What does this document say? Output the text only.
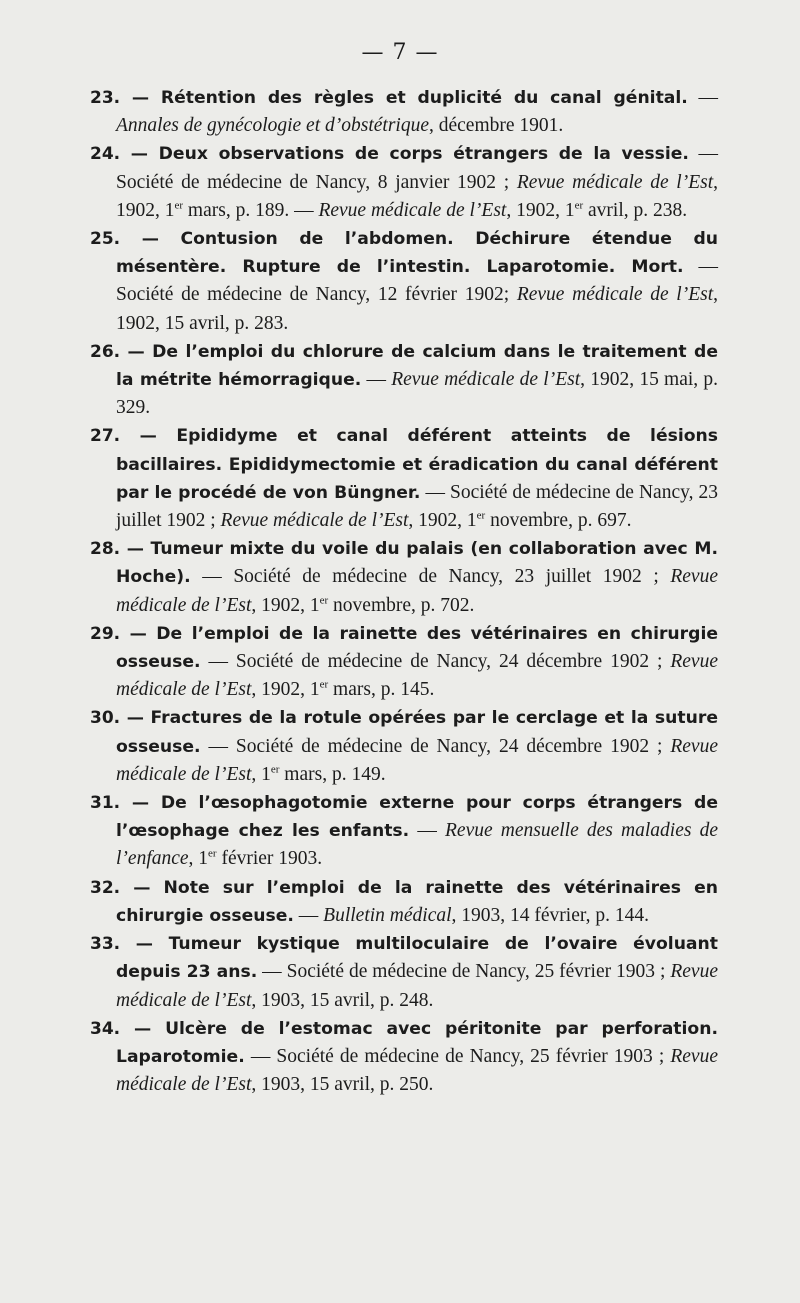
— 7 —

23. — Rétention des règles et duplicité du canal génital. — Annales de gynécologie et d’obstétrique, décembre 1901.

24. — Deux observations de corps étrangers de la vessie. — Société de médecine de Nancy, 8 janvier 1902 ; Revue médicale de l’Est, 1902, 1er mars, p. 189. — Revue médicale de l’Est, 1902, 1er avril, p. 238.

25. — Contusion de l’abdomen. Déchirure étendue du mésentère. Rupture de l’intestin. Laparotomie. Mort. — Société de médecine de Nancy, 12 février 1902; Revue médicale de l’Est, 1902, 15 avril, p. 283.

26. — De l’emploi du chlorure de calcium dans le traitement de la métrite hémorragique. — Revue médicale de l’Est, 1902, 15 mai, p. 329.

27. — Epididyme et canal déférent atteints de lésions bacillaires. Epididymectomie et éradication du canal déférent par le procédé de von Büngner. — Société de médecine de Nancy, 23 juillet 1902 ; Revue médicale de l’Est, 1902, 1er novembre, p. 697.

28. — Tumeur mixte du voile du palais (en collaboration avec M. Hoche). — Société de médecine de Nancy, 23 juillet 1902 ; Revue médicale de l’Est, 1902, 1er novembre, p. 702.

29. — De l’emploi de la rainette des vétérinaires en chirurgie osseuse. — Société de médecine de Nancy, 24 décembre 1902 ; Revue médicale de l’Est, 1902, 1er mars, p. 145.

30. — Fractures de la rotule opérées par le cerclage et la suture osseuse. — Société de médecine de Nancy, 24 décembre 1902 ; Revue médicale de l’Est, 1er mars, p. 149.

31. — De l’œsophagotomie externe pour corps étrangers de l’œsophage chez les enfants. — Revue mensuelle des maladies de l’enfance, 1er février 1903.

32. — Note sur l’emploi de la rainette des vétérinaires en chirurgie osseuse. — Bulletin médical, 1903, 14 février, p. 144.

33. — Tumeur kystique multiloculaire de l’ovaire évoluant depuis 23 ans. — Société de médecine de Nancy, 25 février 1903 ; Revue médicale de l’Est, 1903, 15 avril, p. 248.

34. — Ulcère de l’estomac avec péritonite par perforation. Laparotomie. — Société de médecine de Nancy, 25 février 1903 ; Revue médicale de l’Est, 1903, 15 avril, p. 250.
